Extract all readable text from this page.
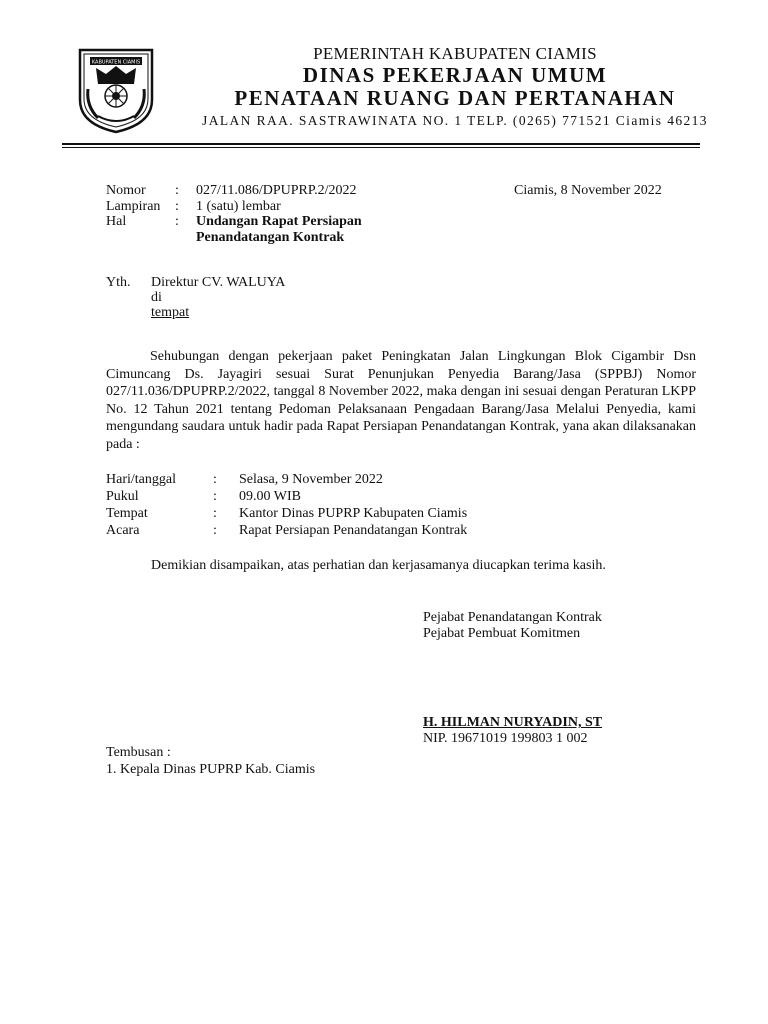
KABUPATEN CIAMIS	PEMERINTAH KABUPATEN CIAMIS
DINAS PEKERJAAN UMUM
PENATAAN RUANG DAN PERTANAHAN
JALAN RAA. SASTRAWINATA NO. 1 TELP. (0265) 771521 Ciamis 46213
Nomor : 027/11.086/DPUPRP.2/2022	Ciamis, 8 November 2022
Lampiran : 1 (satu) lembar
Hal	: Undangan Rapat Persiapan
Penandatangan Kontrak
Yth. Direktur CV. WALUYA
di
tempat
Sehubungan dengan pekerjaan paket Peningkatan Jalan Lingkungan Blok Cigambir Dsn Cimuncang Ds. Jayagiri sesuai Surat Penunjukan Penyedia Barang/Jasa (SPPBJ) Nomor 027/11.036/DPUPRP.2/2022, tanggal 8 November 2022, maka dengan ini sesuai dengan Peraturan LKPP No. 12 Tahun 2021 tentang Pedoman Pelaksanaan Pengadaan Barang/Jasa Melalui Penyedia, kami mengundang saudara untuk hadir pada Rapat Persiapan Penandatangan Kontrak, yana akan dilaksanakan pada :
Hari/tanggal	: Selasa, 9 November 2022
Pukul	: 09.00 WIB
Tempat	: Kantor Dinas PUPRP Kabupaten Ciamis
Acara	: Rapat Persiapan Penandatangan Kontrak
Demikian disampaikan, atas perhatian dan kerjasamanya diucapkan terima kasih.
Pejabat Penandatangan Kontrak
Pejabat Pembuat Komitmen
H. HILMAN NURYADIN, ST
NIP. 19671019 199803 1 002
Tembusan :
1. Kepala Dinas PUPRP Kab. Ciamis
